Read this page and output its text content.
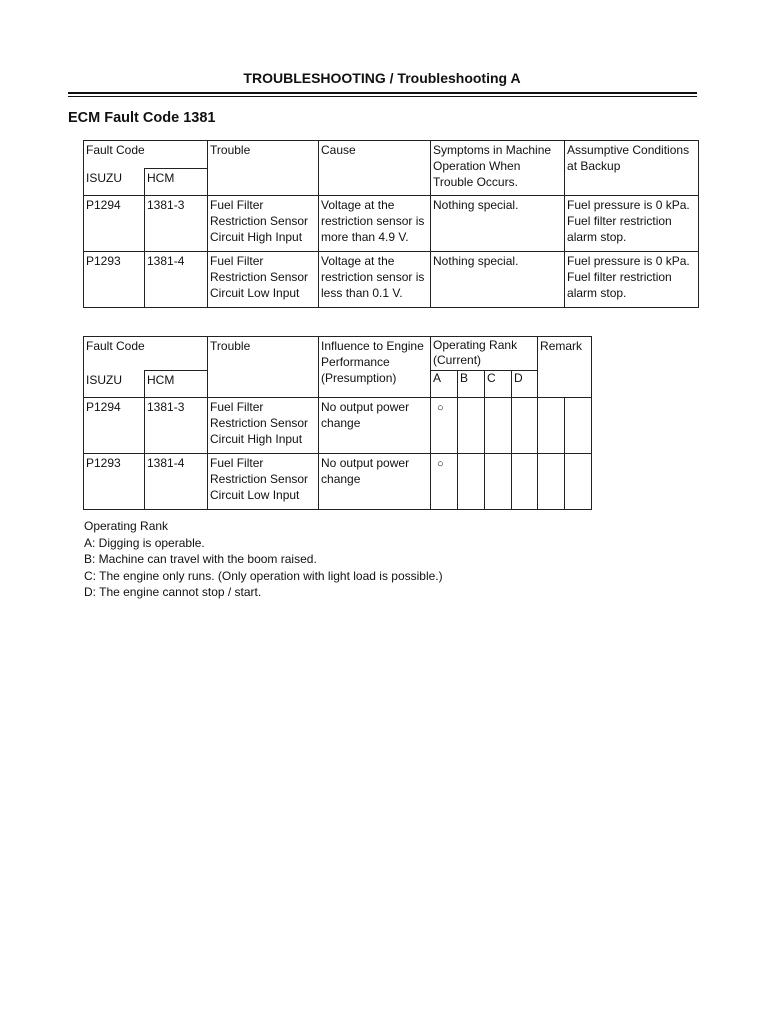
TROUBLESHOOTING / Troubleshooting A
ECM Fault Code 1381
Fault Code		Trouble	Cause	Symptoms in Machine Operation When Trouble Occurs.	Assumptive Conditions at Backup
ISUZU	HCM				
P1294	1381-3	Fuel Filter Restriction Sensor Circuit High Input	Voltage at the restriction sensor is more than 4.9 V.	Nothing special.	Fuel pressure is 0 kPa. Fuel filter restriction alarm stop.
P1293	1381-4	Fuel Filter Restriction Sensor Circuit Low Input	Voltage at the restriction sensor is less than 0.1 V.	Nothing special.	Fuel pressure is 0 kPa. Fuel filter restriction alarm stop.
Fault Code		Trouble	Influence to Engine Performance (Presumption)	Operating Rank (Current)				Remark	
ISUZU	HCM			A	B	C	D		
P1294	1381-3	Fuel Filter Restriction Sensor Circuit High Input	No output power change	○					
P1293	1381-4	Fuel Filter Restriction Sensor Circuit Low Input	No output power change	○					
Operating Rank
A: Digging is operable.
B: Machine can travel with the boom raised.
C: The engine only runs. (Only operation with light load is possible.)
D: The engine cannot stop / start.
